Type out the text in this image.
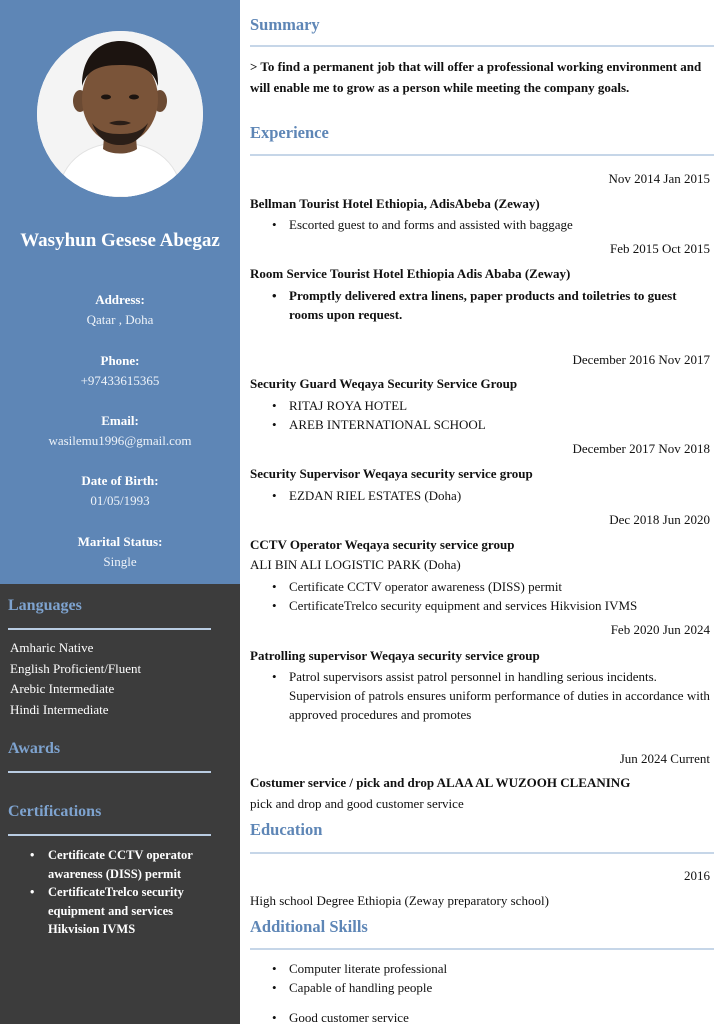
Wasyhun Gesese Abegaz
Address:
Qatar , Doha
Phone:
+97433615365
Email:
wasilemu1996@gmail.com
Date of Birth:
01/05/1993
Marital Status:
Single
Languages
Amharic Native
English Proficient/Fluent
Arebic Intermediate
Hindi Intermediate
Awards
Certifications
• Certificate CCTV operator awareness (DISS) permit
• CertificateTrelco security equipment and services Hikvision IVMS
Summary
> To find a permanent job that will offer a professional working environment and will enable me to grow as a person while meeting the company goals.
Experience
Nov 2014 Jan 2015
Bellman Tourist Hotel Ethiopia, AdisAbeba (Zeway)
• Escorted guest to and forms and assisted with baggage
Feb 2015 Oct 2015
Room Service Tourist Hotel Ethiopia Adis Ababa (Zeway)
• Promptly delivered extra linens, paper products and toiletries to guest rooms upon request.
December 2016 Nov 2017
Security Guard Weqaya Security Service Group
• RITAJ ROYA HOTEL
• AREB INTERNATIONAL SCHOOL
December 2017 Nov 2018
Security Supervisor Weqaya security service group
• EZDAN RIEL ESTATES (Doha)
Dec 2018 Jun 2020
CCTV Operator Weqaya security service group
ALI BIN ALI LOGISTIC PARK (Doha)
• Certificate CCTV operator awareness (DISS) permit
• CertificateTrelco security equipment and services Hikvision IVMS
Feb 2020 Jun 2024
Patrolling supervisor Weqaya security service group
• Patrol supervisors assist patrol personnel in handling serious incidents. Supervision of patrols ensures uniform performance of duties in accordance with approved procedures and promotes
Jun 2024 Current
Costumer service / pick and drop ALAA AL WUZOOH CLEANING
pick and drop and good customer service
Education
2016
High school Degree Ethiopia (Zeway preparatory school)
Additional Skills
• Computer literate professional
• Capable of handling people
• Good customer service
